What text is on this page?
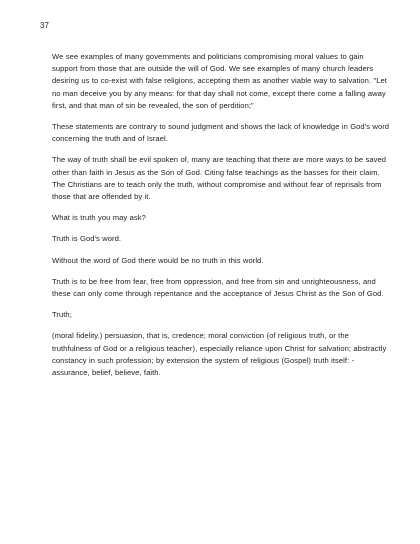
37

We see examples of many governments and politicians compromising moral values to gain support from those that are outside the will of God. We see examples of many church leaders desiring us to co-exist with false religions, accepting them as another viable way to salvation. "Let no man deceive you by any means: for that day shall not come, except there come a falling away first, and that man of sin be revealed, the son of perdition;"

These statements are contrary to sound judgment and shows the lack of knowledge in God's word concerning the truth and of Israel.

The way of truth shall be evil spoken of, many are teaching that there are more ways to be saved other than faith in Jesus as the Son of God. Citing false teachings as the basses for their claim. The Christians are to teach only the truth, without compromise and without fear of reprisals from those that are offended by it.

What is truth you may ask?

Truth is God's word.

Without the word of God there would be no truth in this world.

Truth is to be free from fear, free from oppression, and free from sin and unrighteousness, and these can only come through repentance and the acceptance of Jesus Christ as the Son of God.

Truth;

(moral fidelity.) persuasion, that is, credence; moral conviction (of religious truth, or the truthfulness of God or a religious teacher), especially reliance upon Christ for salvation; abstractly constancy in such profession; by extension the system of religious (Gospel) truth itself: - assurance, belief, believe, faith.
